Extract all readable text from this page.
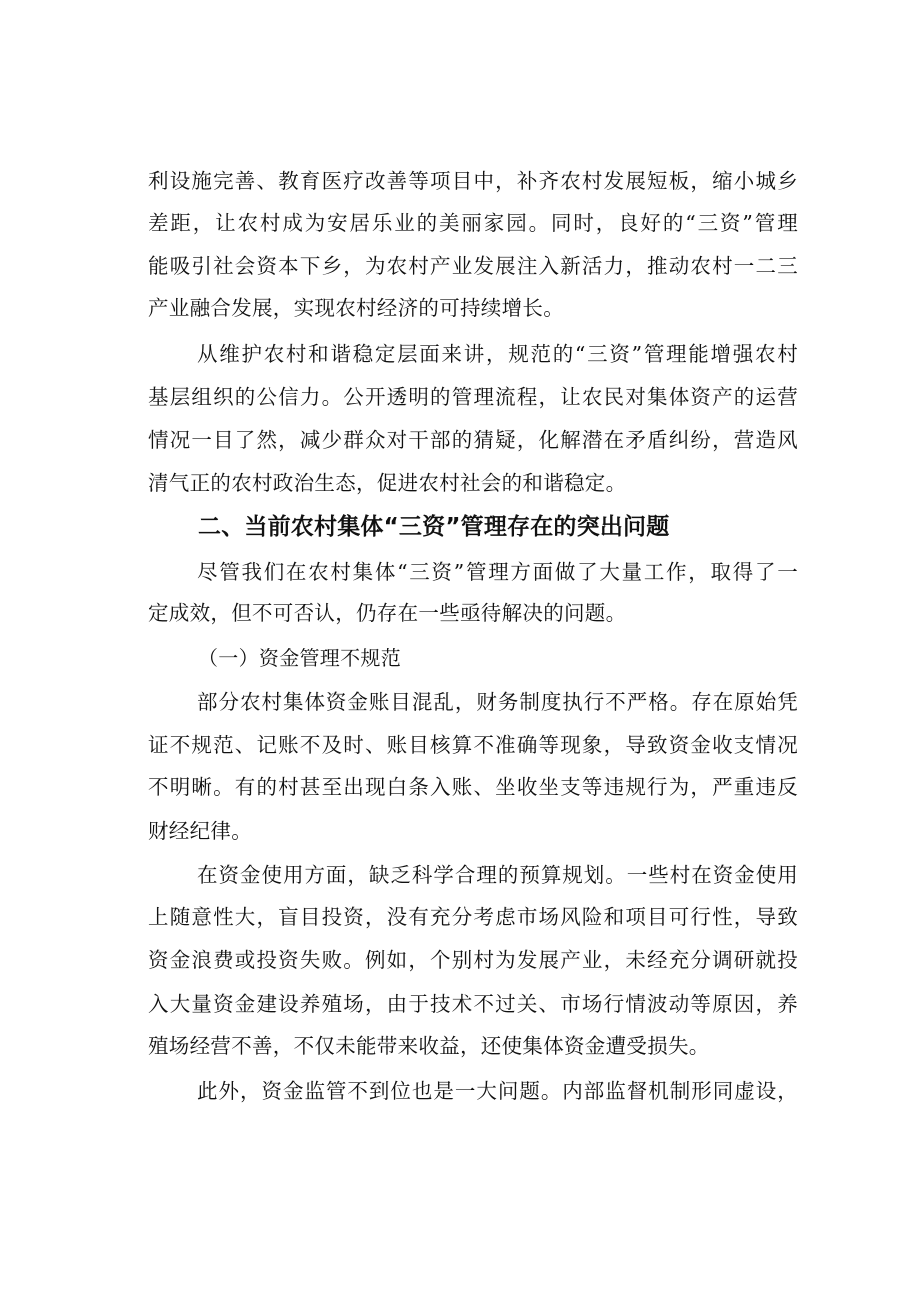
利设施完善、教育医疗改善等项目中，补齐农村发展短板，缩小城乡
差距，让农村成为安居乐业的美丽家园。同时，良好的“三资”管理
能吸引社会资本下乡，为农村产业发展注入新活力，推动农村一二三
产业融合发展，实现农村经济的可持续增长。
从维护农村和谐稳定层面来讲，规范的“三资”管理能增强农村
基层组织的公信力。公开透明的管理流程，让农民对集体资产的运营
情况一目了然，减少群众对干部的猜疑，化解潜在矛盾纠纷，营造风
清气正的农村政治生态，促进农村社会的和谐稳定。
二、当前农村集体“三资”管理存在的突出问题
尽管我们在农村集体“三资”管理方面做了大量工作，取得了一
定成效，但不可否认，仍存在一些亟待解决的问题。
（一）资金管理不规范
部分农村集体资金账目混乱，财务制度执行不严格。存在原始凭
证不规范、记账不及时、账目核算不准确等现象，导致资金收支情况
不明晰。有的村甚至出现白条入账、坐收坐支等违规行为，严重违反
财经纪律。
在资金使用方面，缺乏科学合理的预算规划。一些村在资金使用
上随意性大，盲目投资，没有充分考虑市场风险和项目可行性，导致
资金浪费或投资失败。例如，个别村为发展产业，未经充分调研就投
入大量资金建设养殖场，由于技术不过关、市场行情波动等原因，养
殖场经营不善，不仅未能带来收益，还使集体资金遭受损失。
此外，资金监管不到位也是一大问题。内部监督机制形同虚设，
